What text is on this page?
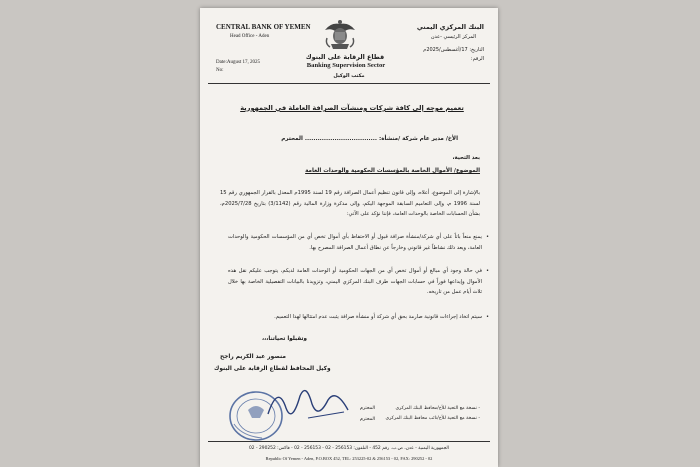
CENTRAL BANK OF YEMEN
Head Office - Aden
Date:August 17, 2025
No:
قطاع الرقابة على البنوك
Banking Supervision Sector
مكتب الوكيل
البنك المركزي اليمني
المركز الرئيسي -عدن
التاريخ: 17/أغسطس/2025م
الرقم:
تعميم موجه إلى كافة شركات ومنشآت الصرافة العاملة في الجمهورية
الأخ/ مدير عام شركة /منشأة: .................................. المحترم
بعد التحية،
الموضوع/ الأموال الخاصة بالمؤسسات الحكومية والوحدات العامة
بالإشارة إلى الموضوع، أعلاه، وإلى قانون تنظيم أعمال الصرافة رقم 19 لسنة 1995م المعدل بالقرار الجمهوري رقم 15 لسنة 1996 م، وإلى التعاميم السابقة الموجهة اليكم، وإلى مذكرة وزارة المالية رقم (3/1142) بتاريخ 2025/7/28م، بشأن الحسابات الخاصة بالوحدات العامة، فإننا نؤكد على الآتي:
• يمنع منعاً باتاً على أي شركة/منشأة صرافة قبول أو الاحتفاظ بأي أموال تخص أي من المؤسسات الحكومية والوحدات العامة، ويعد ذلك نشاطاً غير قانوني وخارجاً عن نطاق أعمال الصرافة المصرح بها.
• في حالة وجود أي مبالغ أو أموال تخص أي من الجهات الحكومية أو الوحدات العامة لديكم، يتوجب عليكم نقل هذه الأموال وإيداعها فوراً في حسابات الجهات طرف البنك المركزي اليمني، وتزويدنا بالبيانات التفصيلية الخاصة بها خلال ثلاث أيام عمل من تاريخه.
• سيتم اتخاذ إجراءات قانونية صارمة بحق أي شركة أو منشأة صرافة يثبت عدم امتثالها لهذا التعميم.
وتقبلوا تحياتنا،،،
منصور عبد الكريم راجح
وكيل المحافظ لقطاع الرقابة على البنوك
المحترم
المحترم
- نسخة مع التحية للأخ/محافظ البنك المركزي
- نسخة مع التحية للأخ/نائب محافظ البنك المركزي
الجمهورية اليمنية - عدن، ص.ب. رقم 452 - التلفون: 256153 - 02 - 256153 - 02 - فاكس: 290252 - 02
Republic Of Yemen - Aden, P.O.BOX 452, TEL: 253225-02 & 256153 - 02, FAX: 290252 - 02
